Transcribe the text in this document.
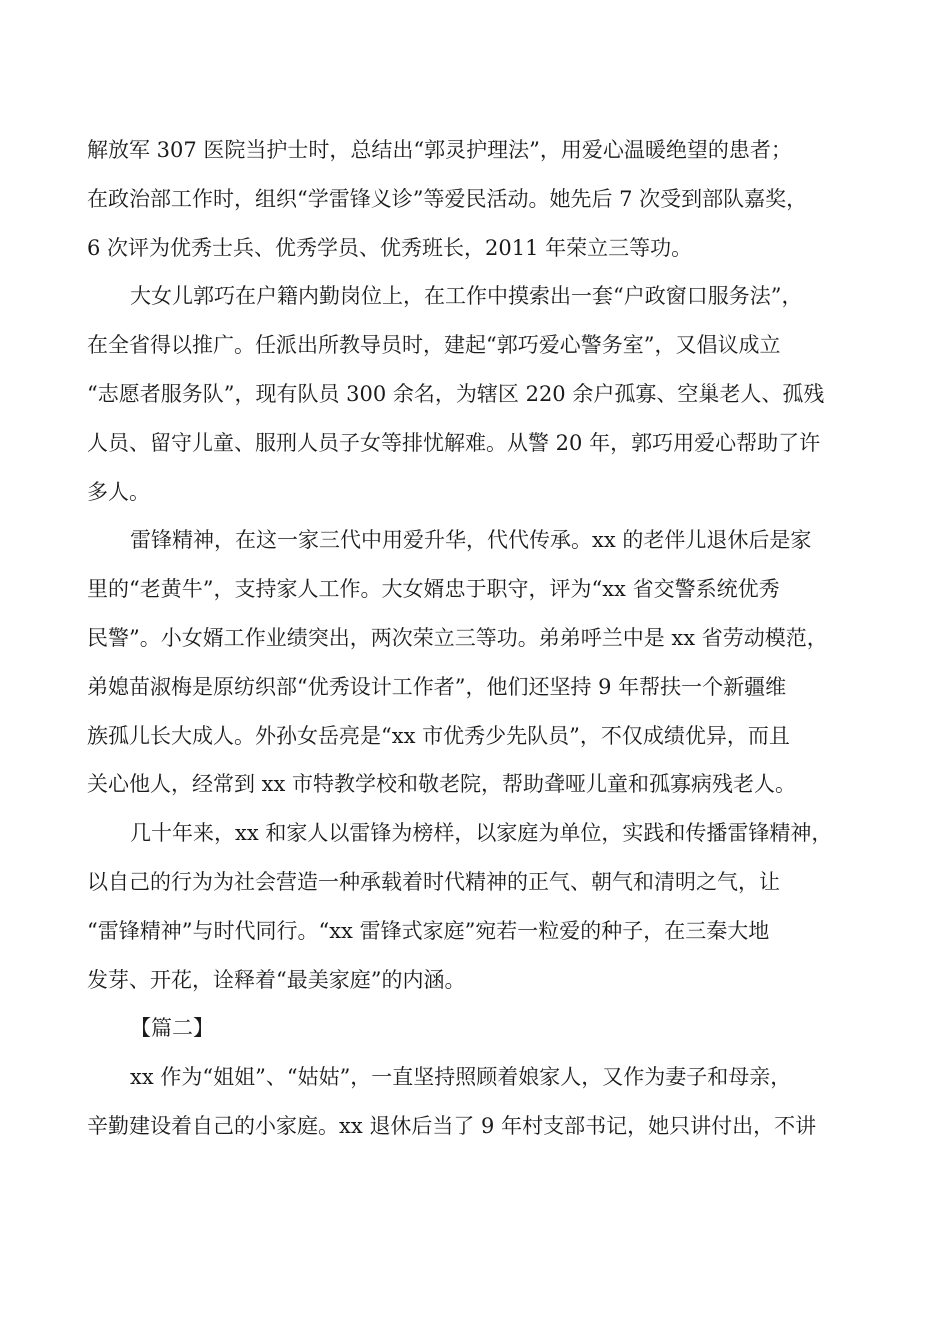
解放军 307 医院当护士时，总结出“郭灵护理法”，用爱心温暖绝望的患者；
在政治部工作时，组织“学雷锋义诊”等爱民活动。她先后 7 次受到部队嘉奖，
6 次评为优秀士兵、优秀学员、优秀班长，2011 年荣立三等功。
大女儿郭巧在户籍内勤岗位上，在工作中摸索出一套“户政窗口服务法”，
在全省得以推广。任派出所教导员时，建起“郭巧爱心警务室”，又倡议成立
“志愿者服务队”，现有队员 300 余名，为辖区 220 余户孤寡、空巢老人、孤残
人员、留守儿童、服刑人员子女等排忧解难。从警 20 年，郭巧用爱心帮助了许
多人。
雷锋精神，在这一家三代中用爱升华，代代传承。xx 的老伴儿退休后是家
里的“老黄牛”，支持家人工作。大女婿忠于职守，评为“xx 省交警系统优秀
民警”。小女婿工作业绩突出，两次荣立三等功。弟弟呼兰中是 xx 省劳动模范，
弟媳苗淑梅是原纺织部“优秀设计工作者”，他们还坚持 9 年帮扶一个新疆维
族孤儿长大成人。外孙女岳亮是“xx 市优秀少先队员”，不仅成绩优异，而且
关心他人，经常到 xx 市特教学校和敬老院，帮助聋哑儿童和孤寡病残老人。
几十年来，xx 和家人以雷锋为榜样，以家庭为单位，实践和传播雷锋精神，
以自己的行为为社会营造一种承载着时代精神的正气、朝气和清明之气，让
“雷锋精神”与时代同行。“xx 雷锋式家庭”宛若一粒爱的种子，在三秦大地
发芽、开花，诠释着“最美家庭”的内涵。
【篇二】
xx 作为“姐姐”、“姑姑”，一直坚持照顾着娘家人，又作为妻子和母亲，
辛勤建设着自己的小家庭。xx 退休后当了 9 年村支部书记，她只讲付出，不讲
